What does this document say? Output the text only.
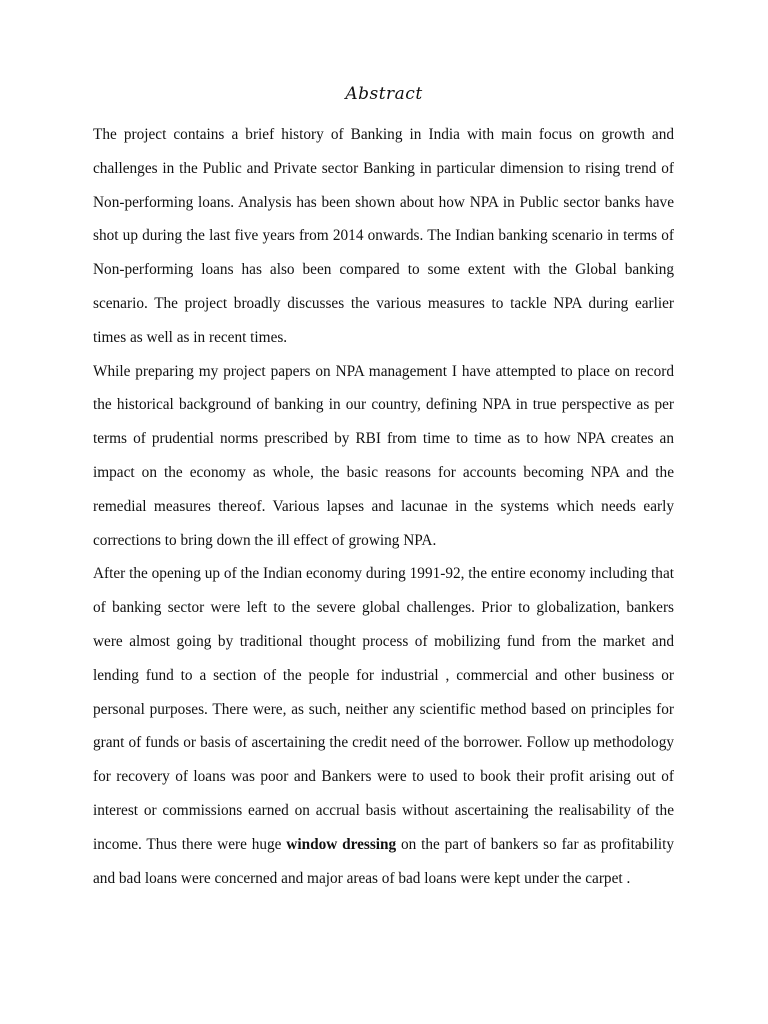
Abstract

The project contains a brief history of Banking in India with main focus on growth and challenges in the Public and Private sector Banking in particular dimension to rising trend of Non-performing loans. Analysis has been shown about how NPA in Public sector banks have shot up during the last five years from 2014 onwards. The Indian banking scenario in terms of Non-performing loans has also been compared to some extent with the Global banking scenario. The project broadly discusses the various measures to tackle NPA during earlier times as well as in recent times.

While preparing my project papers on NPA management I have attempted to place on record the historical background of banking in our country, defining NPA in true perspective as per terms of prudential norms prescribed by RBI from time to time as to how NPA creates an impact on the economy as whole, the basic reasons for accounts becoming NPA and the remedial measures thereof. Various lapses and lacunae in the systems which needs early corrections to bring down the ill effect of growing NPA.

After the opening up of the Indian economy during 1991-92, the entire economy including that of banking sector were left to the severe global challenges. Prior to globalization, bankers were almost going by traditional thought process of mobilizing fund from the market and lending fund to a section of the people for industrial , commercial and other business or personal purposes. There were, as such, neither any scientific method based on principles for grant of funds or basis of ascertaining the credit need of the borrower. Follow up methodology for recovery of loans was poor and Bankers were to used to book their profit arising out of interest or commissions earned on accrual basis without ascertaining the realisability of the income. Thus there were huge window dressing on the part of bankers so far as profitability and bad loans were concerned and major areas of bad loans were kept under the carpet .
